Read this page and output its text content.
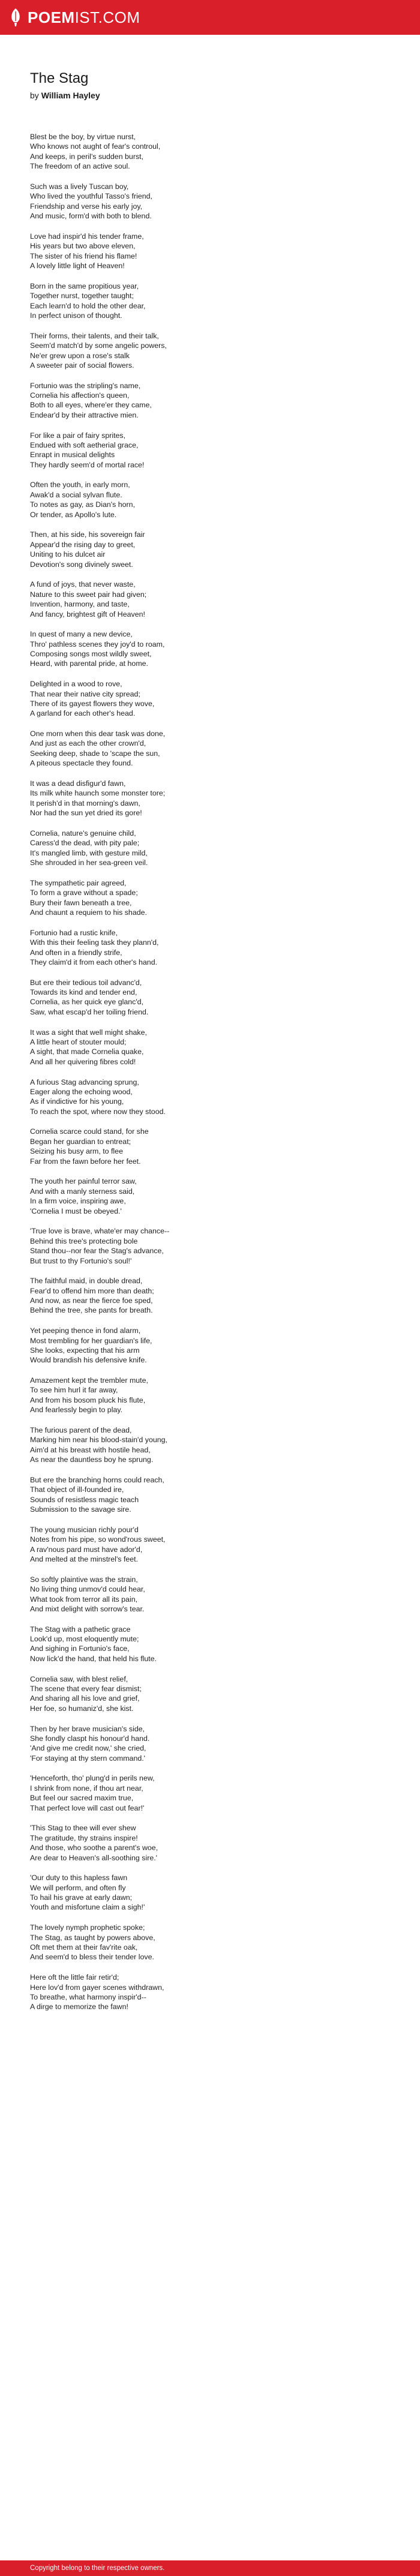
POEMIST.COM
The Stag
by William Hayley
Blest be the boy, by virtue nurst,
Who knows not aught of fear's controul,
And keeps, in peril's sudden burst,
The freedom of an active soul.
Such was a lively Tuscan boy,
Who lived the youthful Tasso's friend,
Friendship and verse his early joy,
And music, form'd with both to blend.
Love had inspir'd his tender frame,
His years but two above eleven,
The sister of his friend his flame!
A lovely little light of Heaven!
Born in the same propitious year,
Together nurst, together taught;
Each learn'd to hold the other dear,
In perfect unison of thought.
Their forms, their talents, and their talk,
Seem'd match'd by some angelic powers,
Ne'er grew upon a rose's stalk
A sweeter pair of social flowers.
Fortunio was the stripling's name,
Cornelia his affection's queen,
Both to all eyes, where'er they came,
Endear'd by their attractive mien.
For like a pair of fairy sprites,
Endued with soft aetherial grace,
Enrapt in musical delights
They hardly seem'd of mortal race!
Often the youth, in early morn,
Awak'd a social sylvan flute.
To notes as gay, as Dian's horn,
Or tender, as Apollo's lute.
Then, at his side, his sovereign fair
Appear'd the rising day to greet,
Uniting to his dulcet air
Devotion's song divinely sweet.
A fund of joys, that never waste,
Nature to this sweet pair had given;
Invention, harmony, and taste,
And fancy, brightest gift of Heaven!
In quest of many a new device,
Thro' pathless scenes they joy'd to roam,
Composing songs most wildly sweet,
Heard, with parental pride, at home.
Delighted in a wood to rove,
That near their native city spread;
There of its gayest flowers they wove,
A garland for each other's head.
One morn when this dear task was done,
And just as each the other crown'd,
Seeking deep, shade to 'scape the sun,
A piteous spectacle they found.
It was a dead disfigur'd fawn,
Its milk white haunch some monster tore;
It perish'd in that morning's dawn,
Nor had the sun yet dried its gore!
Cornelia, nature's genuine child,
Caress'd the dead, with pity pale;
It's mangled limb, with gesture mild,
She shrouded in her sea-green veil.
The sympathetic pair agreed,
To form a grave without a spade;
Bury their fawn beneath a tree,
And chaunt a requiem to his shade.
Fortunio had a rustic knife,
With this their feeling task they plann'd,
And often in a friendly strife,
They claim'd it from each other's hand.
But ere their tedious toil advanc'd,
Towards its kind and tender end,
Cornelia, as her quick eye glanc'd,
Saw, what escap'd her toiling friend.
It was a sight that well might shake,
A little heart of stouter mould;
A sight, that made Cornelia quake,
And all her quivering fibres cold!
A furious Stag advancing sprung,
Eager along the echoing wood,
As if vindictive for his young,
To reach the spot, where now they stood.
Cornelia scarce could stand, for she
Began her guardian to entreat;
Seizing his busy arm, to flee
Far from the fawn before her feet.
The youth her painful terror saw,
And with a manly sterness said,
In a firm voice, inspiring awe,
'Cornelia I must be obeyed.'
'True love is brave, whate'er may chance--
Behind this tree's protecting bole
Stand thou--nor fear the Stag's advance,
But trust to thy Fortunio's soul!'
The faithful maid, in double dread,
Fear'd to offend him more than death;
And now, as near the fierce foe sped,
Behind the tree, she pants for breath.
Yet peeping thence in fond alarm,
Most trembling for her guardian's life,
She looks, expecting that his arm
Would brandish his defensive knife.
Amazement kept the trembler mute,
To see him hurl it far away,
And from his bosom pluck his flute,
And fearlessly begin to play.
The furious parent of the dead,
Marking him near his blood-stain'd young,
Aim'd at his breast with hostile head,
As near the dauntless boy he sprung.
But ere the branching horns could reach,
That object of ill-founded ire,
Sounds of resistless magic teach
Submission to the savage sire.
The young musician richly pour'd
Notes from his pipe, so wond'rous sweet,
A rav'nous pard must have ador'd,
And melted at the minstrel's feet.
So softly plaintive was the strain,
No living thing unmov'd could hear,
What took from terror all its pain,
And mixt delight with sorrow's tear.
The Stag with a pathetic grace
Look'd up, most eloquently mute;
And sighing in Fortunio's face,
Now lick'd the hand, that held his flute.
Cornelia saw, with blest relief,
The scene that every fear dismist;
And sharing all his love and grief,
Her foe, so humaniz'd, she kist.
Then by her brave musician's side,
She fondly claspt his honour'd hand.
'And give me credit now,' she cried,
'For staying at thy stern command.'
'Henceforth, tho' plung'd in perils new,
I shrink from none, if thou art near,
But feel our sacred maxim true,
That perfect love will cast out fear!'
'This Stag to thee will ever shew
The gratitude, thy strains inspire!
And those, who soothe a parent's woe,
Are dear to Heaven's all-soothing sire.'
'Our duty to this hapless fawn
We will perform, and often fly
To hail his grave at early dawn;
Youth and misfortune claim a sigh!'
The lovely nymph prophetic spoke;
The Stag, as taught by powers above,
Oft met them at their fav'rite oak,
And seem'd to bless their tender love.
Here oft the little fair retir'd;
Here lov'd from gayer scenes withdrawn,
To breathe, what harmony inspir'd--
A dirge to memorize the fawn!
Copyright belong to their respective owners.
